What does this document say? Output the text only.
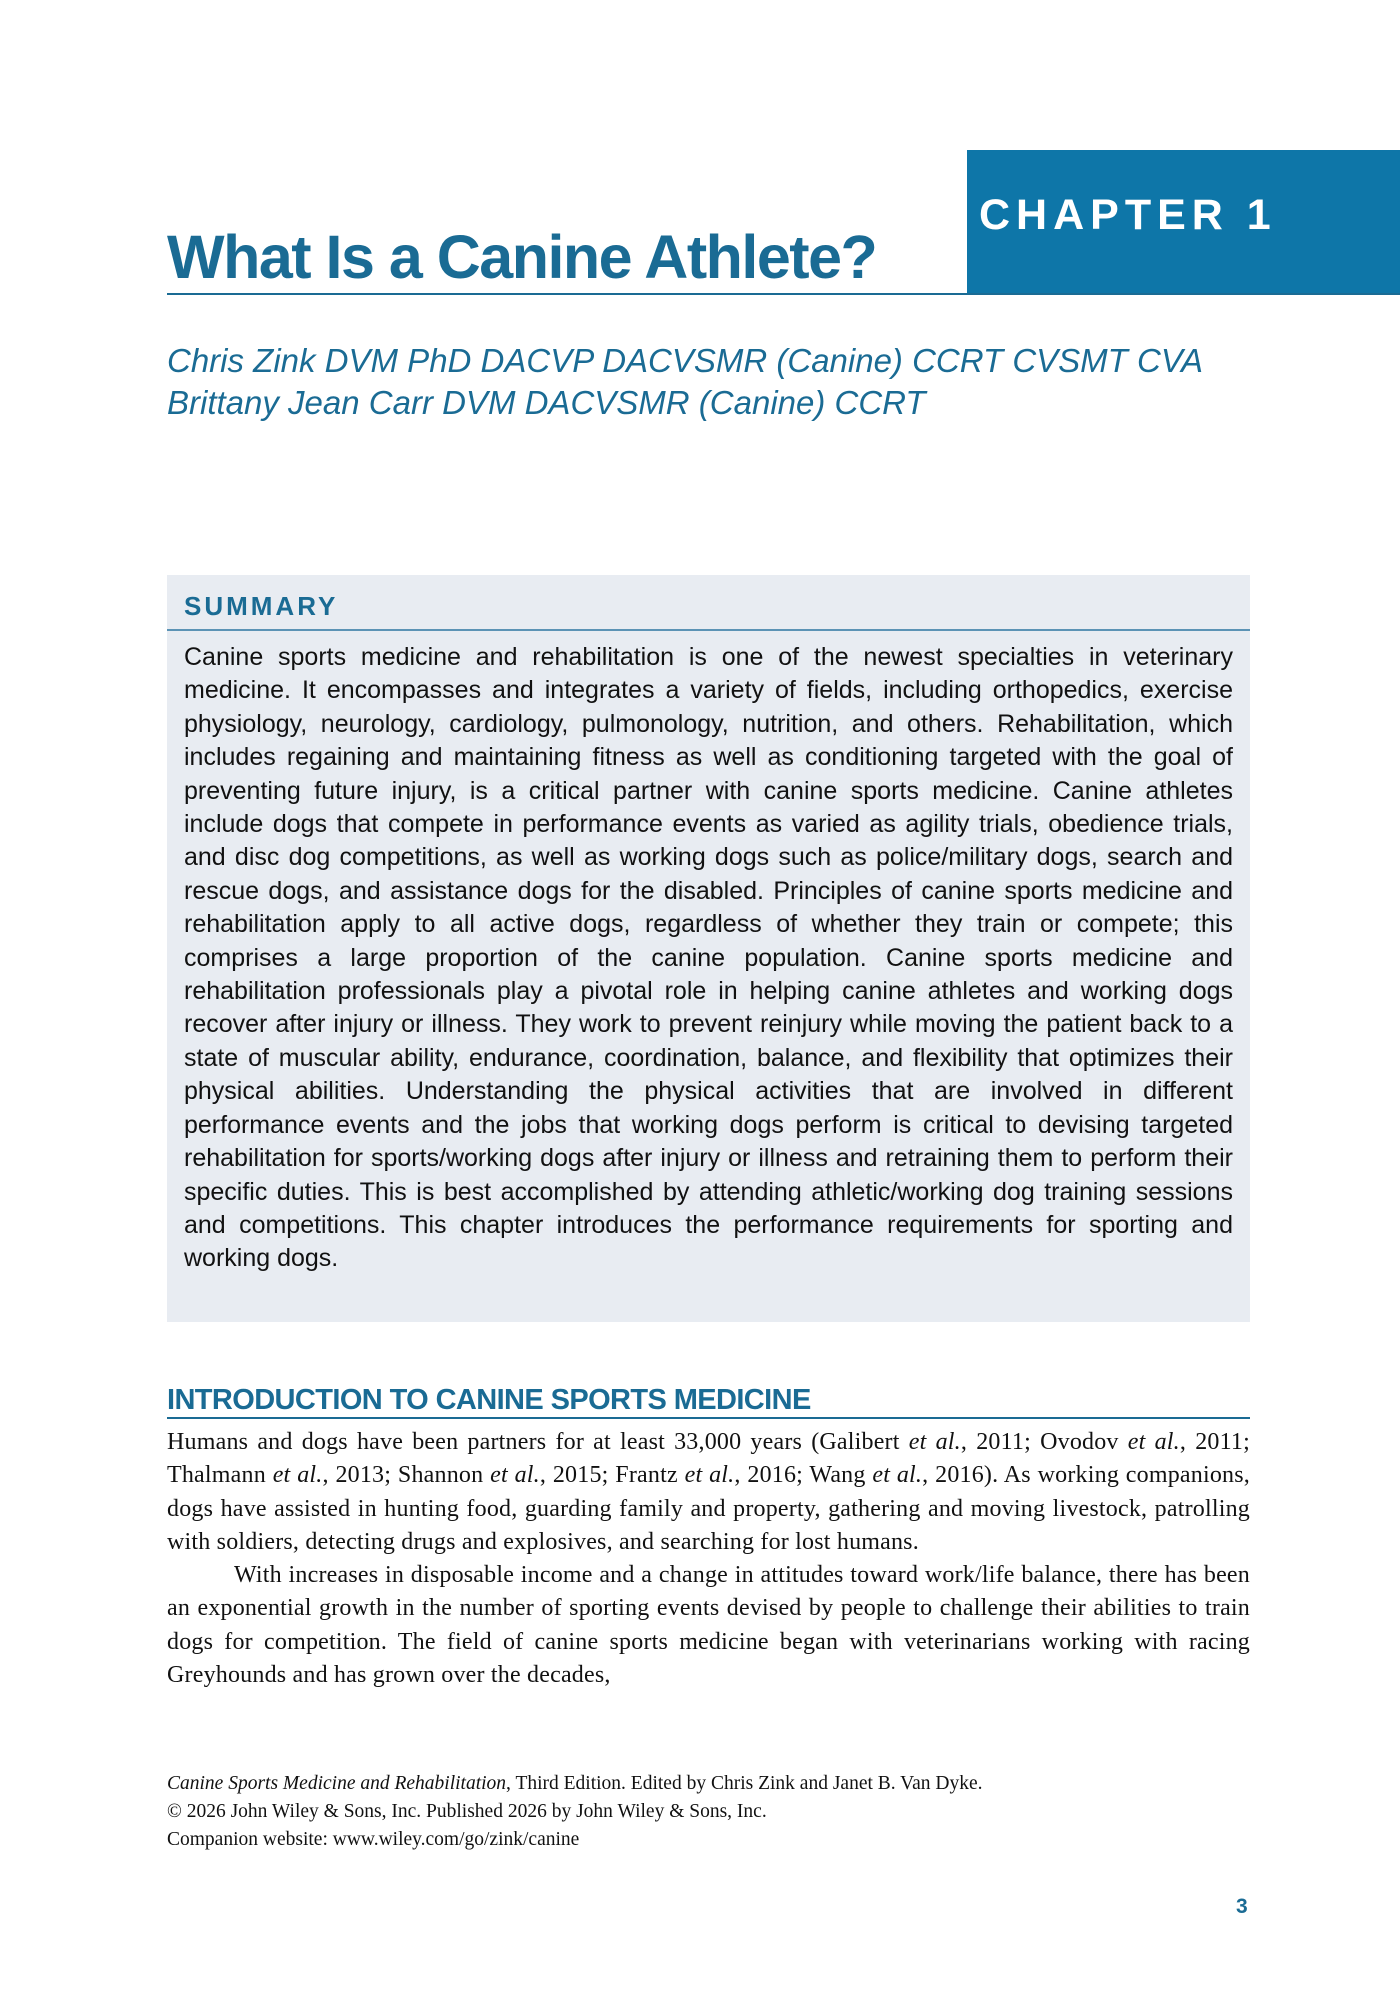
CHAPTER 1

What Is a Canine Athlete?
Chris Zink DVM PhD DACVP DACVSMR (Canine) CCRT CVSMT CVA
Brittany Jean Carr DVM DACVSMR (Canine) CCRT
SUMMARY

Canine sports medicine and rehabilitation is one of the newest specialties in veterinary medicine. It encompasses and integrates a variety of fields, including orthopedics, exercise physiology, neurology, cardiology, pulmonology, nutrition, and others. Rehabilitation, which includes regaining and maintaining fitness as well as conditioning targeted with the goal of preventing future injury, is a critical partner with canine sports medicine. Canine athletes include dogs that compete in performance events as varied as agility trials, obedience trials, and disc dog competitions, as well as working dogs such as police/military dogs, search and rescue dogs, and assistance dogs for the disabled. Principles of canine sports medicine and rehabilitation apply to all active dogs, regardless of whether they train or compete; this comprises a large proportion of the canine population. Canine sports medicine and rehabilitation professionals play a pivotal role in helping canine athletes and working dogs recover after injury or illness. They work to prevent reinjury while moving the patient back to a state of muscular ability, endurance, coordination, balance, and flexibility that optimizes their physical abilities. Understanding the physical activities that are involved in different performance events and the jobs that working dogs perform is critical to devising targeted rehabilitation for sports/working dogs after injury or illness and retraining them to perform their specific duties. This is best accomplished by attending athletic/working dog training sessions and competitions. This chapter introduces the performance requirements for sporting and working dogs.

INTRODUCTION TO CANINE SPORTS MEDICINE

Humans and dogs have been partners for at least 33,000 years (Galibert et al., 2011; Ovodov et al., 2011; Thalmann et al., 2013; Shannon et al., 2015; Frantz et al., 2016; Wang et al., 2016). As working companions, dogs have assisted in hunting food, guarding family and property, gathering and moving livestock, patrolling with soldiers, detecting drugs and explosives, and searching for lost humans.

With increases in disposable income and a change in attitudes toward work/life balance, there has been an exponential growth in the number of sporting events devised by people to challenge their abilities to train dogs for competition. The field of canine sports medicine began with veterinarians working with racing Greyhounds and has grown over the decades,

Canine Sports Medicine and Rehabilitation, Third Edition. Edited by Chris Zink and Janet B. Van Dyke.
© 2026 John Wiley & Sons, Inc. Published 2026 by John Wiley & Sons, Inc.
Companion website: www.wiley.com/go/zink/canine

3
